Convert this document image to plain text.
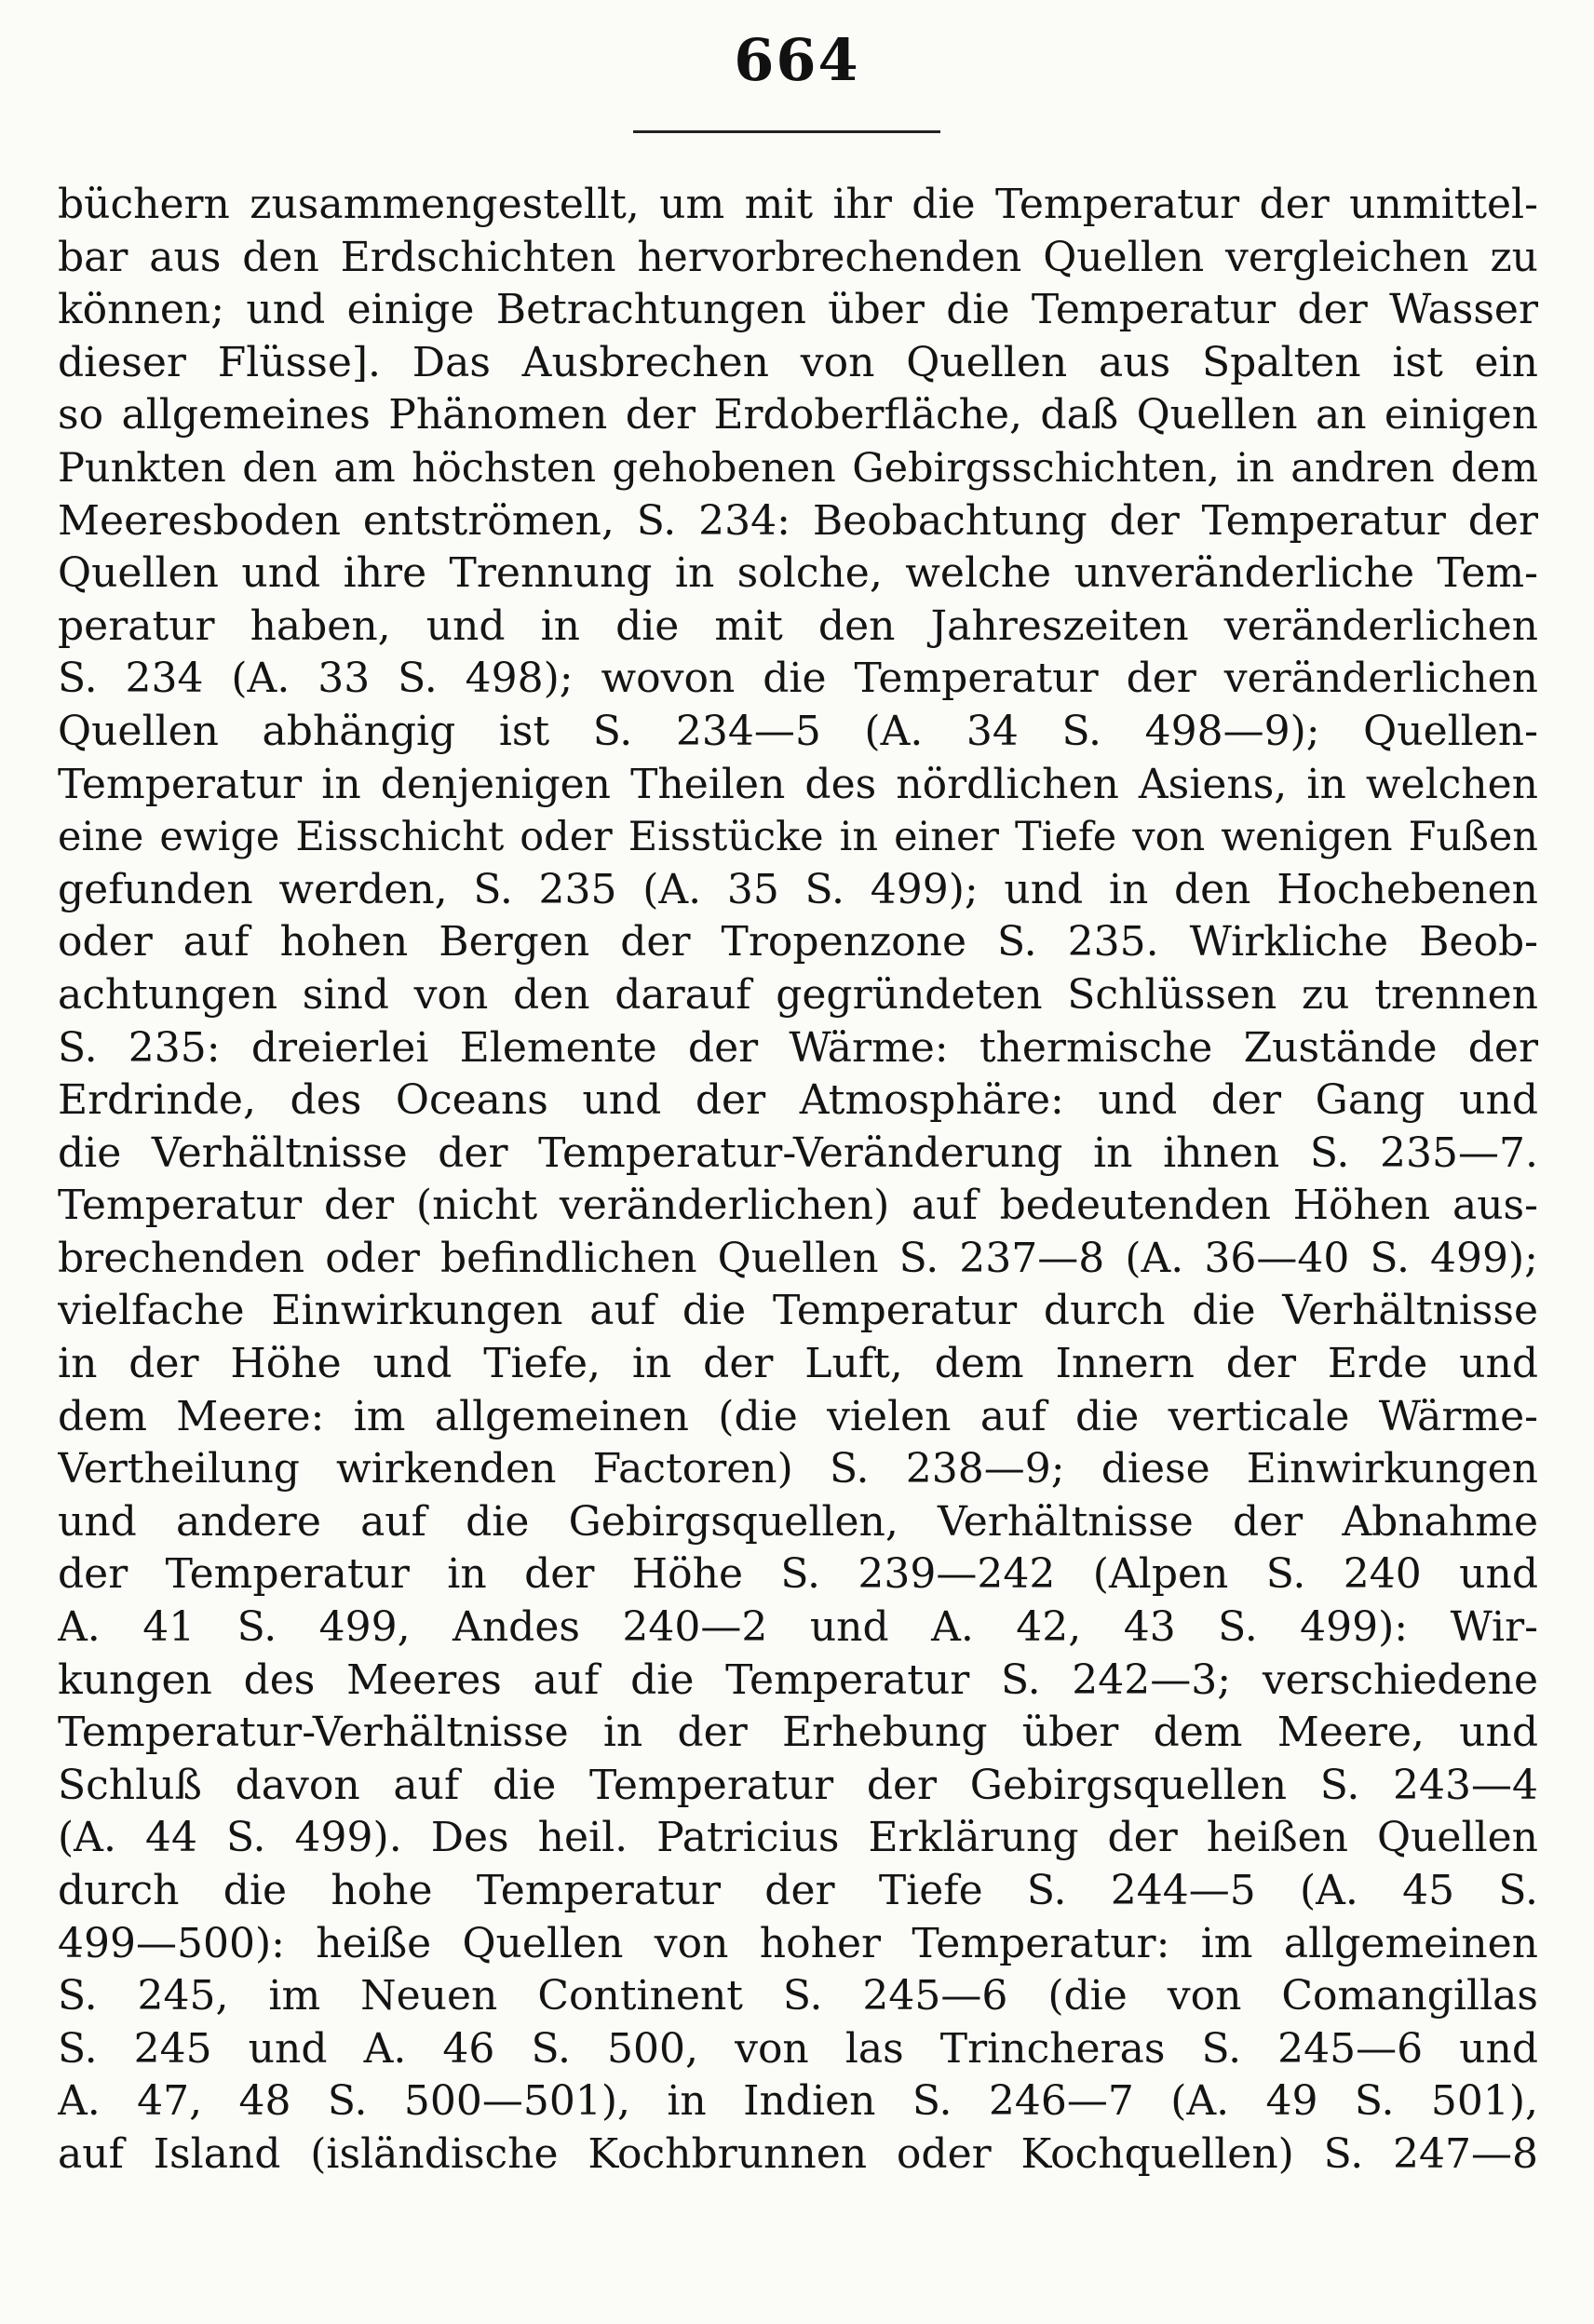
664
büchern zusammengestellt, um mit ihr die Temperatur der unmittel-
bar aus den Erdschichten hervorbrechenden Quellen vergleichen zu
können; und einige Betrachtungen über die Temperatur der Wasser
dieser Flüsse]. Das Ausbrechen von Quellen aus Spalten ist ein
so allgemeines Phänomen der Erdoberfläche, daß Quellen an einigen
Punkten den am höchsten gehobenen Gebirgsschichten, in andren dem
Meeresboden entströmen, S. 234: Beobachtung der Temperatur der
Quellen und ihre Trennung in solche, welche unveränderliche Tem-
peratur haben, und in die mit den Jahreszeiten veränderlichen
S. 234 (A. 33 S. 498); wovon die Temperatur der veränderlichen
Quellen abhängig ist S. 234—5 (A. 34 S. 498—9); Quellen-
Temperatur in denjenigen Theilen des nördlichen Asiens, in welchen
eine ewige Eisschicht oder Eisstücke in einer Tiefe von wenigen Fußen
gefunden werden, S. 235 (A. 35 S. 499); und in den Hochebenen
oder auf hohen Bergen der Tropenzone S. 235. Wirkliche Beob-
achtungen sind von den darauf gegründeten Schlüssen zu trennen
S. 235: dreierlei Elemente der Wärme: thermische Zustände der
Erdrinde, des Oceans und der Atmosphäre: und der Gang und
die Verhältnisse der Temperatur-Veränderung in ihnen S. 235—7.
Temperatur der (nicht veränderlichen) auf bedeutenden Höhen aus-
brechenden oder befindlichen Quellen S. 237—8 (A. 36—40 S. 499);
vielfache Einwirkungen auf die Temperatur durch die Verhältnisse
in der Höhe und Tiefe, in der Luft, dem Innern der Erde und
dem Meere: im allgemeinen (die vielen auf die verticale Wärme-
Vertheilung wirkenden Factoren) S. 238—9; diese Einwirkungen
und andere auf die Gebirgsquellen, Verhältnisse der Abnahme
der Temperatur in der Höhe S. 239—242 (Alpen S. 240 und
A. 41 S. 499, Andes 240—2 und A. 42, 43 S. 499): Wir-
kungen des Meeres auf die Temperatur S. 242—3; verschiedene
Temperatur-Verhältnisse in der Erhebung über dem Meere, und
Schluß davon auf die Temperatur der Gebirgsquellen S. 243—4
(A. 44 S. 499). Des heil. Patricius Erklärung der heißen Quellen
durch die hohe Temperatur der Tiefe S. 244—5 (A. 45 S.
499—500): heiße Quellen von hoher Temperatur: im allgemeinen
S. 245, im Neuen Continent S. 245—6 (die von Comangillas
S. 245 und A. 46 S. 500, von las Trincheras S. 245—6 und
A. 47, 48 S. 500—501), in Indien S. 246—7 (A. 49 S. 501),
auf Island (isländische Kochbrunnen oder Kochquellen) S. 247—8
